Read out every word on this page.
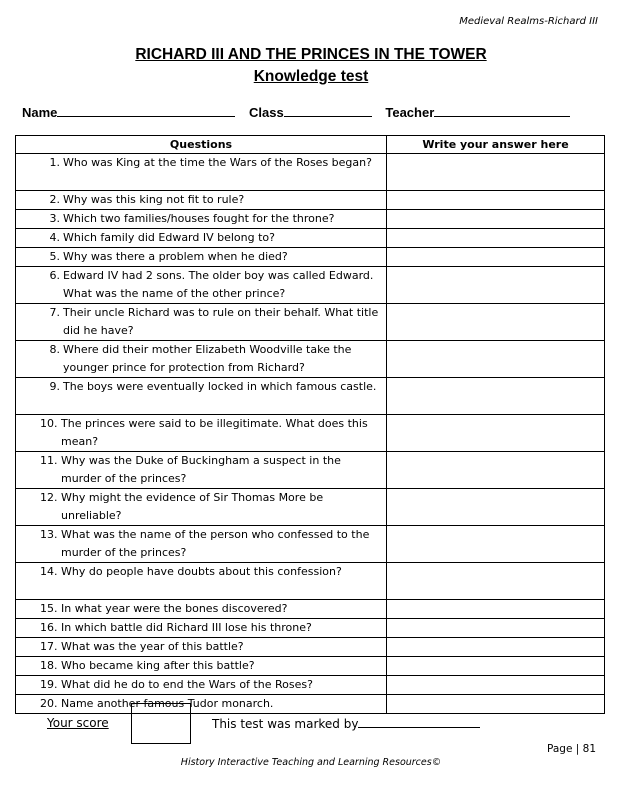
Medieval Realms-Richard III
RICHARD III AND THE PRINCES IN THE TOWER
Knowledge test
Name	Class	Teacher
Questions	Write your answer here

1. Who was King at the time the Wars of the Roses began?	

2. Why was this king not fit to rule?	

3. Which two families/houses fought for the throne?	

4. Which family did Edward IV belong to?	

5. Why was there a problem when he died?	

6. Edward IV had 2 sons. The older boy was called Edward. What was the name of the other prince?	

7. Their uncle Richard was to rule on their behalf. What title did he have?	

8. Where did their mother Elizabeth Woodville take the younger prince for protection from Richard?	

9. The boys were eventually locked in which famous castle.	

10. The princes were said to be illegitimate. What does this mean?	

11. Why was the Duke of Buckingham a suspect in the murder of the princes?	

12. Why might the evidence of Sir Thomas More be unreliable?	

13. What was the name of the person who confessed to the murder of the princes?	

14. Why do people have doubts about this confession?	

15. In what year were the bones discovered?	

16. In which battle did Richard III lose his throne?	

17. What was the year of this battle?	

18. Who became king after this battle?	

19. What did he do to end the Wars of the Roses?	

20. Name another famous Tudor monarch.	

Your score	This test was marked by
Page | 81
History Interactive Teaching and Learning Resources©
